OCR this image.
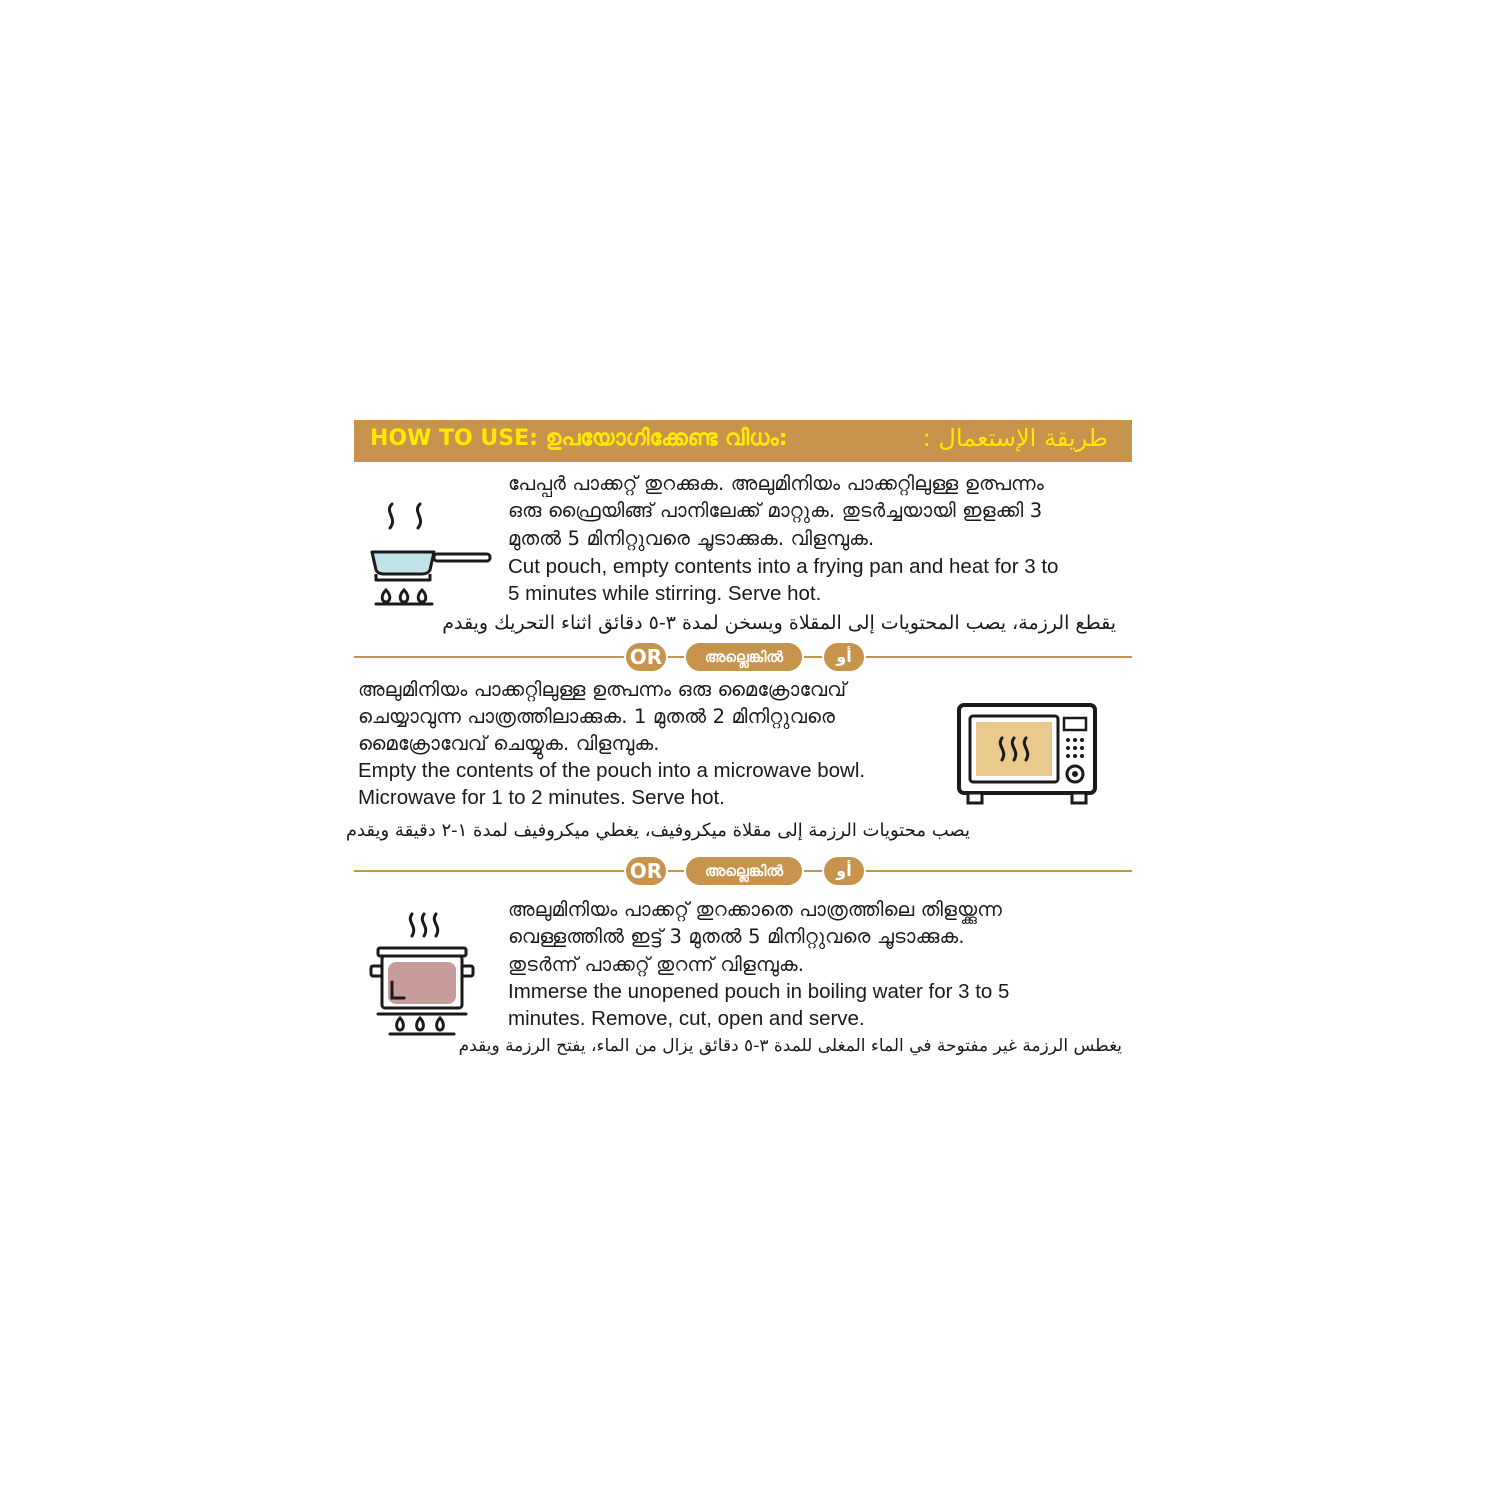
HOW TO USE: ഉപയോഗിക്കേണ്ട വിധം:	طريقة الإستعمال :
പേപ്പർ പാക്കറ്റ് തുറക്കുക. അലുമിനിയം പാക്കറ്റിലുള്ള ഉത്പന്നം
ഒരു ഫ്രൈയിങ്ങ് പാനിലേക്ക് മാറ്റുക. തുടർച്ചയായി ഇളക്കി 3
മുതൽ 5 മിനിറ്റുവരെ ചൂടാക്കുക. വിളമ്പുക.
Cut pouch, empty contents into a frying pan and heat for 3 to
5 minutes while stirring. Serve hot.
يقطع الرزمة، يصب المحتويات إلى المقلاة ويسخن لمدة ٣-٥ دقائق اثناء التحريك ويقدم
OR	അല്ലെങ്കിൽ	أو
അലുമിനിയം പാക്കറ്റിലുള്ള ഉത്പന്നം ഒരു മൈക്രോവേവ്
ചെയ്യാവുന്ന പാത്രത്തിലാക്കുക. 1 മുതൽ 2 മിനിറ്റുവരെ
മൈക്രോവേവ് ചെയ്യുക. വിളമ്പുക.
Empty the contents of the pouch into a microwave bowl.
Microwave for 1 to 2 minutes. Serve hot.
يصب محتويات الرزمة إلى مقلاة ميكروفيف، يغطي ميكروفيف لمدة ١-٢ دقيقة ويقدم
OR	അല്ലെങ്കിൽ	أو
അലുമിനിയം പാക്കറ്റ് തുറക്കാതെ പാത്രത്തിലെ തിളയ്ക്കുന്ന
വെള്ളത്തിൽ ഇട്ട് 3 മുതൽ 5 മിനിറ്റുവരെ ചൂടാക്കുക.
തുടർന്ന് പാക്കറ്റ് തുറന്ന് വിളമ്പുക.
Immerse the unopened pouch in boiling water for 3 to 5
minutes. Remove, cut, open and serve.
يغطس الرزمة غير مفتوحة في الماء المغلى للمدة ٣-٥ دقائق يزال من الماء، يفتح الرزمة ويقدم
